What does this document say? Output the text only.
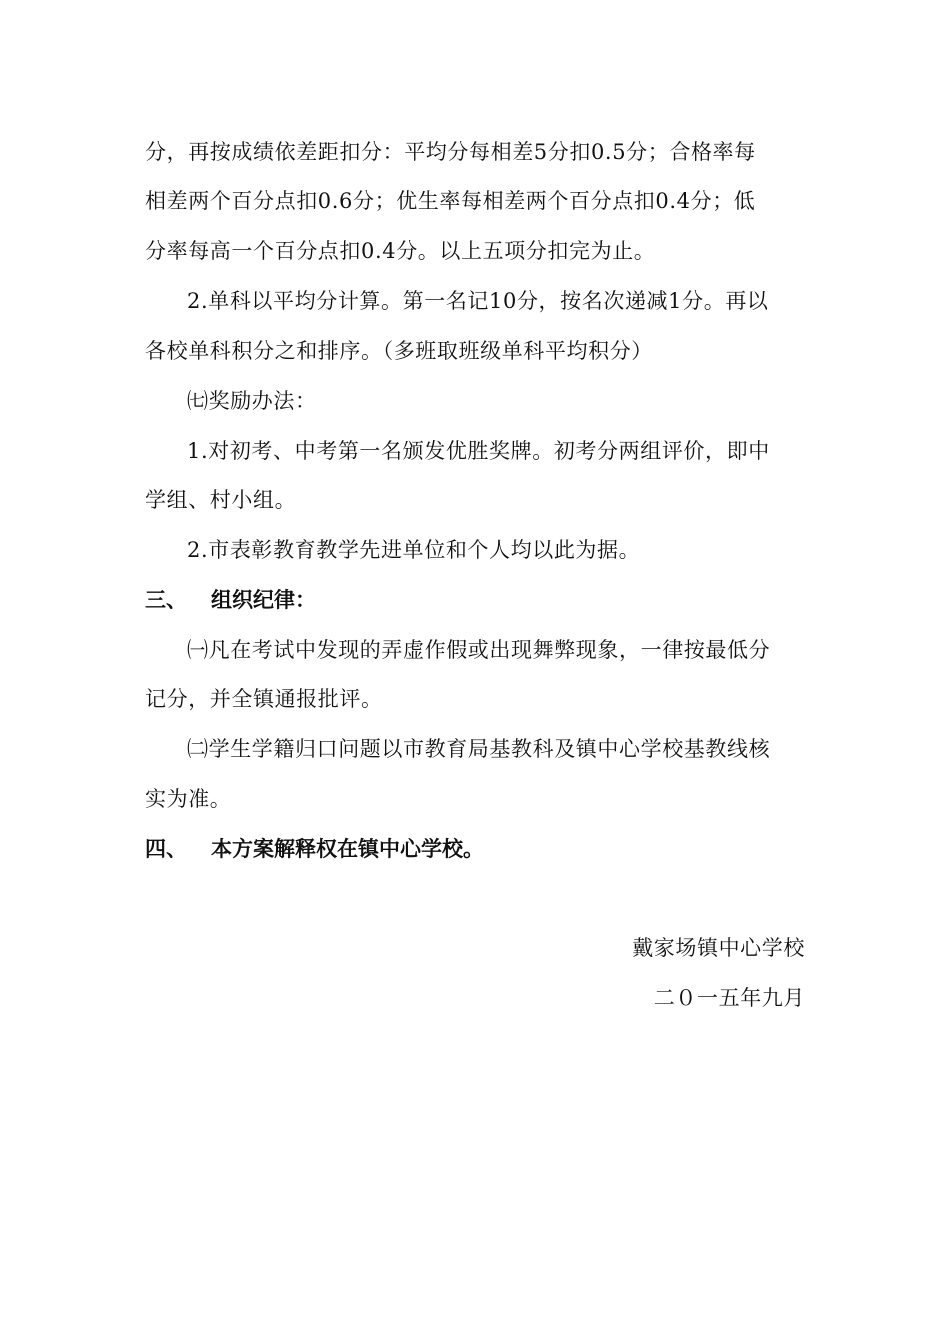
分，再按成绩依差距扣分：平均分每相差5分扣0.5分；合格率每
相差两个百分点扣0.6分；优生率每相差两个百分点扣0.4分；低
分率每高一个百分点扣0.4分。以上五项分扣完为止。
2.单科以平均分计算。第一名记10分，按名次递减1分。再以
各校单科积分之和排序。（多班取班级单科平均积分）
㈦奖励办法：
1.对初考、中考第一名颁发优胜奖牌。初考分两组评价，即中
学组、村小组。
2.市表彰教育教学先进单位和个人均以此为据。
三、 组织纪律：
㈠凡在考试中发现的弄虚作假或出现舞弊现象，一律按最低分
记分，并全镇通报批评。
㈡学生学籍归口问题以市教育局基教科及镇中心学校基教线核
实为准。
四、 本方案解释权在镇中心学校。
戴家场镇中心学校
二０一五年九月
